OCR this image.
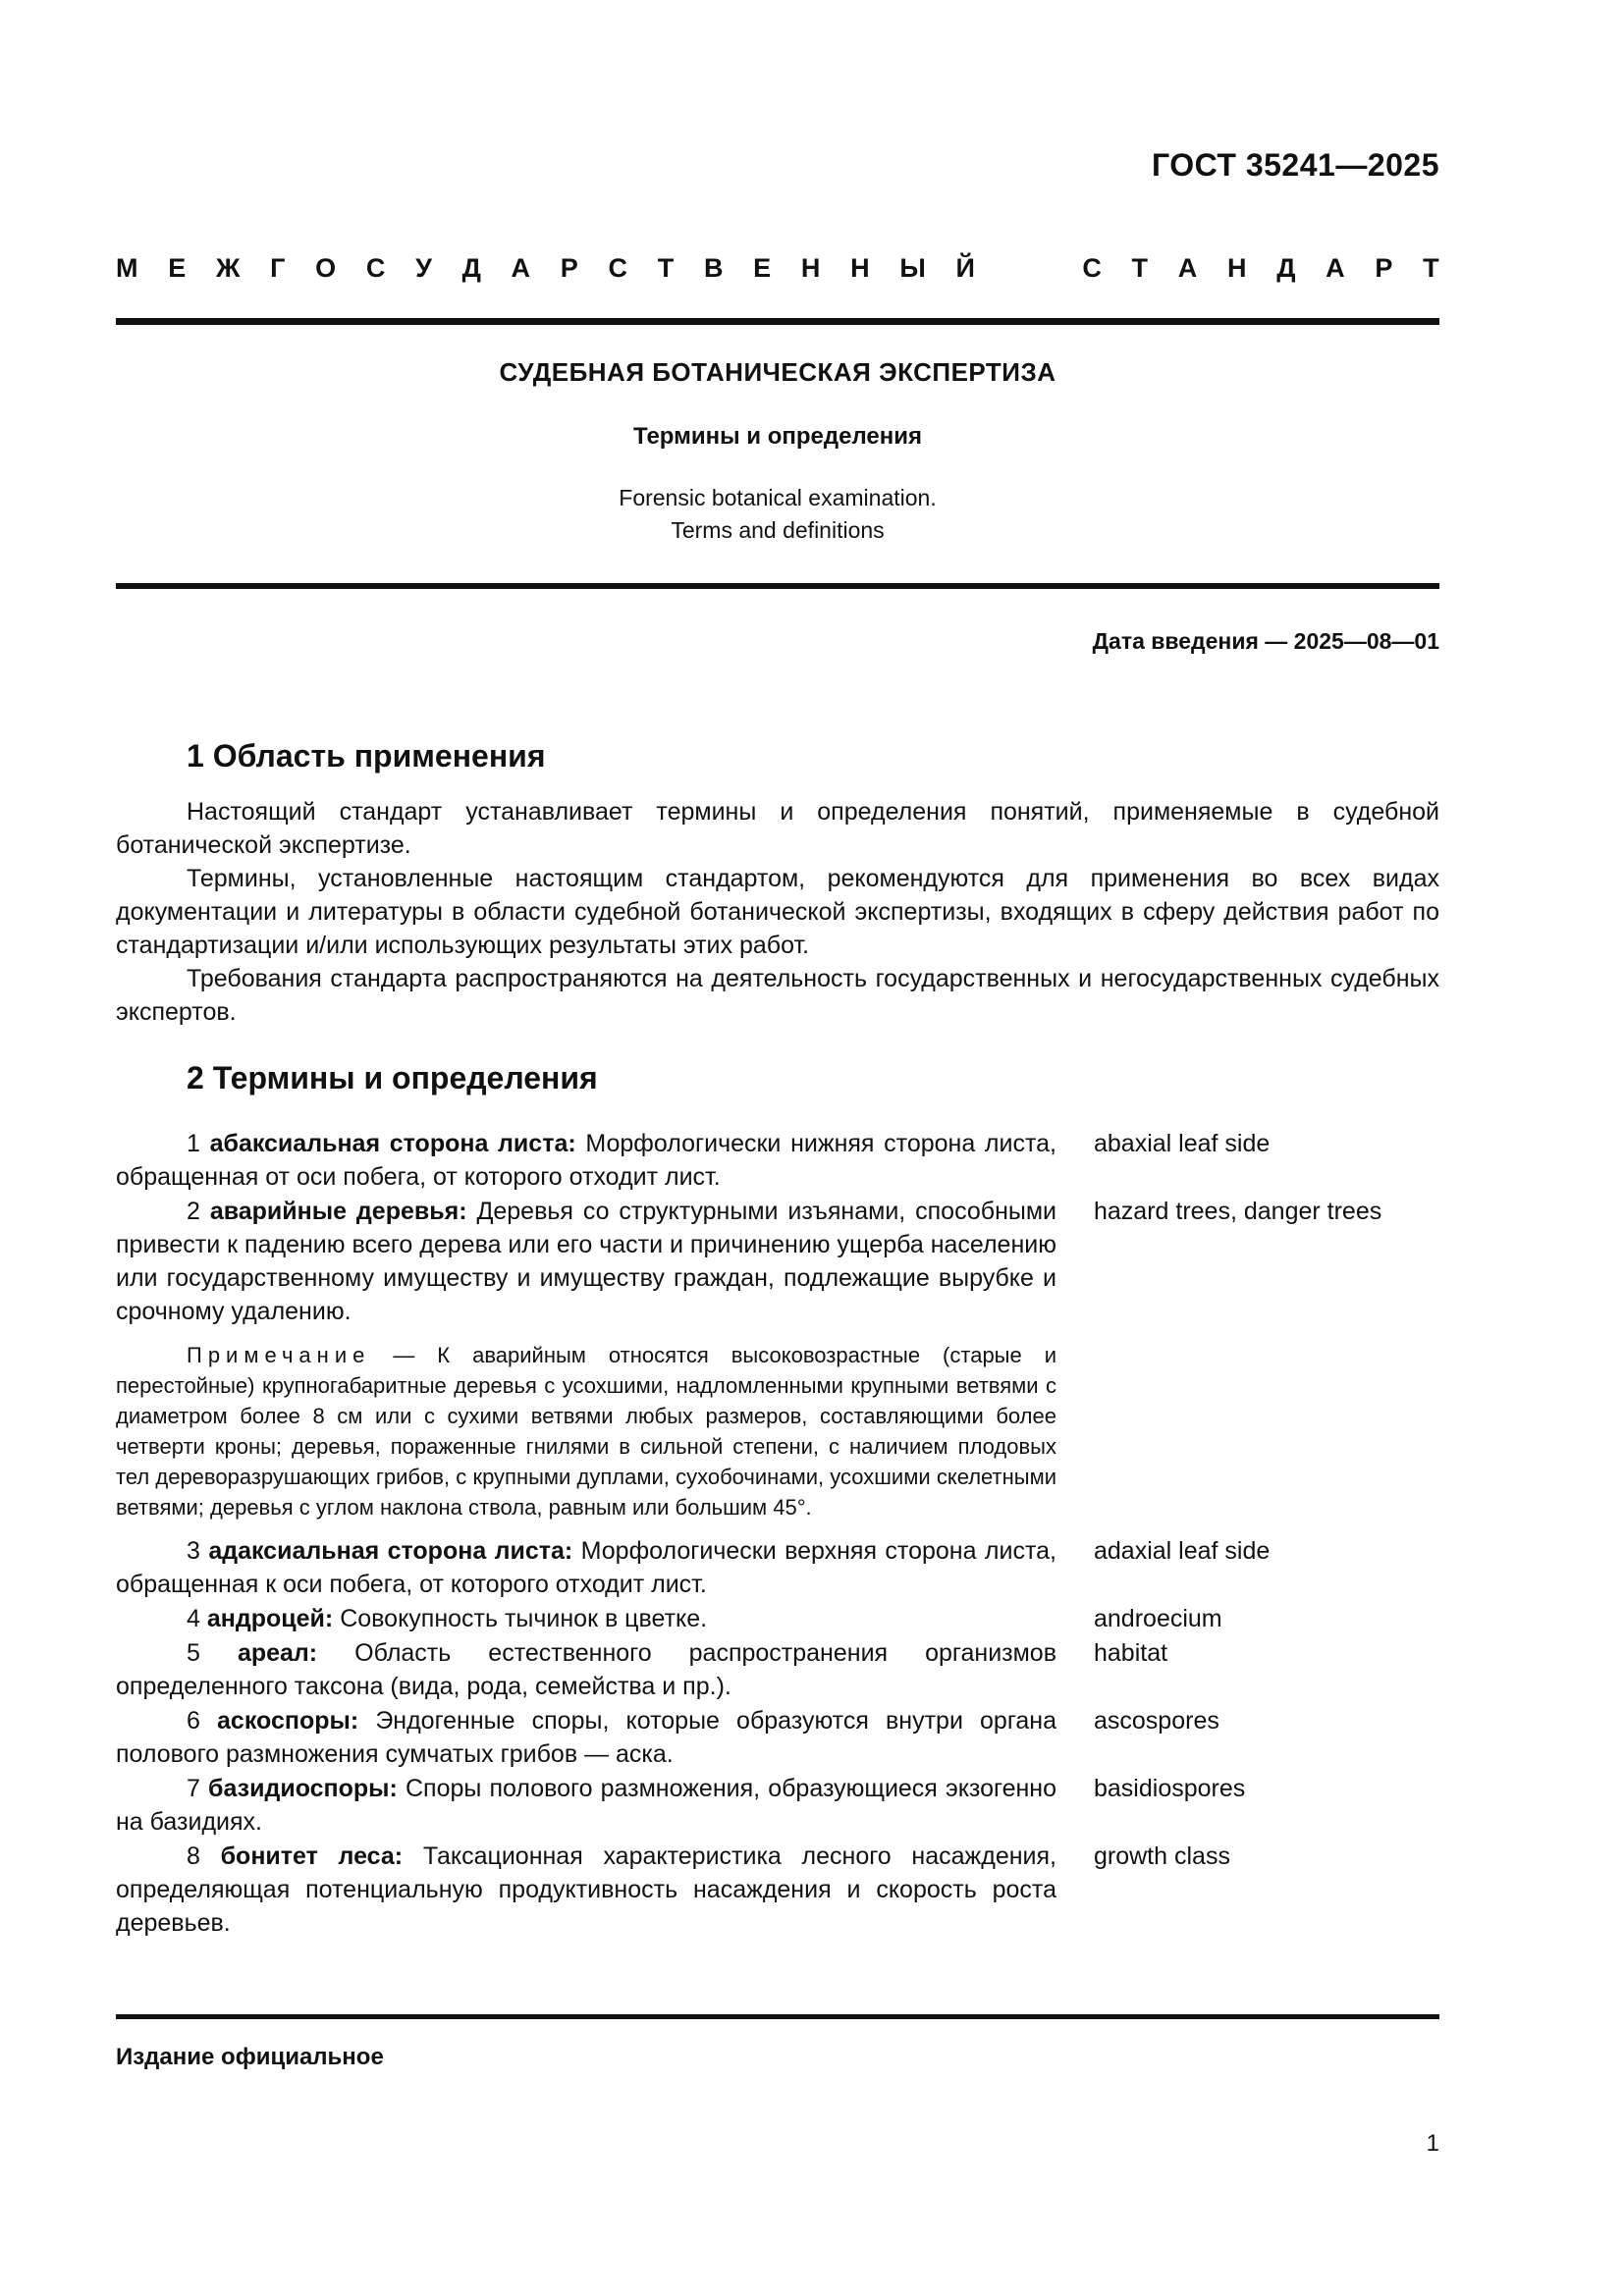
ГОСТ 35241—2025
М Е Ж Г О С У Д А Р С Т В Е Н Н Ы Й	С Т А Н Д А Р Т
СУДЕБНАЯ БОТАНИЧЕСКАЯ ЭКСПЕРТИЗА
Термины и определения
Forensic botanical examination.
Terms and definitions
Дата введения — 2025—08—01
1 Область применения

Настоящий стандарт устанавливает термины и определения понятий, применяемые в судебной ботанической экспертизе.

Термины, установленные настоящим стандартом, рекомендуются для применения во всех видах документации и литературы в области судебной ботанической экспертизы, входящих в сферу действия работ по стандартизации и/или использующих результаты этих работ.

Требования стандарта распространяются на деятельность государственных и негосударственных судебных экспертов.

2 Термины и определения
1 абаксиальная сторона листа: Морфологически нижняя сторона листа, обращенная от оси побега, от которого отходит лист.
abaxial leaf side
2 аварийные деревья: Деревья со структурными изъянами, способными привести к падению всего дерева или его части и причинению ущерба населению или государственному имуществу и имуществу граждан, подлежащие вырубке и срочному удалению.
hazard trees, danger trees
Примечание — К аварийным относятся высоковозрастные (старые и перестойные) крупногабаритные деревья с усохшими, надломленными крупными ветвями с диаметром более 8 см или с сухими ветвями любых размеров, составляющими более четверти кроны; деревья, пораженные гнилями в сильной степени, с наличием плодовых тел дереворазрушающих грибов, с крупными дуплами, сухобочинами, усохшими скелетными ветвями; деревья с углом наклона ствола, равным или большим 45°.
3 адаксиальная сторона листа: Морфологически верхняя сторона листа, обращенная к оси побега, от которого отходит лист.
adaxial leaf side
4 андроцей: Совокупность тычинок в цветке.	androecium
5 ареал: Область естественного распространения организмов определенного таксона (вида, рода, семейства и пр.).
habitat
6 аскоспоры: Эндогенные споры, которые образуются внутри органа полового размножения сумчатых грибов — аска.
ascospores
7 базидиоспоры: Споры полового размножения, образующиеся экзогенно на базидиях.
basidiospores
8 бонитет леса: Таксационная характеристика лесного насаждения, определяющая потенциальную продуктивность насаждения и скорость роста деревьев.
growth class
Издание официальное
1
